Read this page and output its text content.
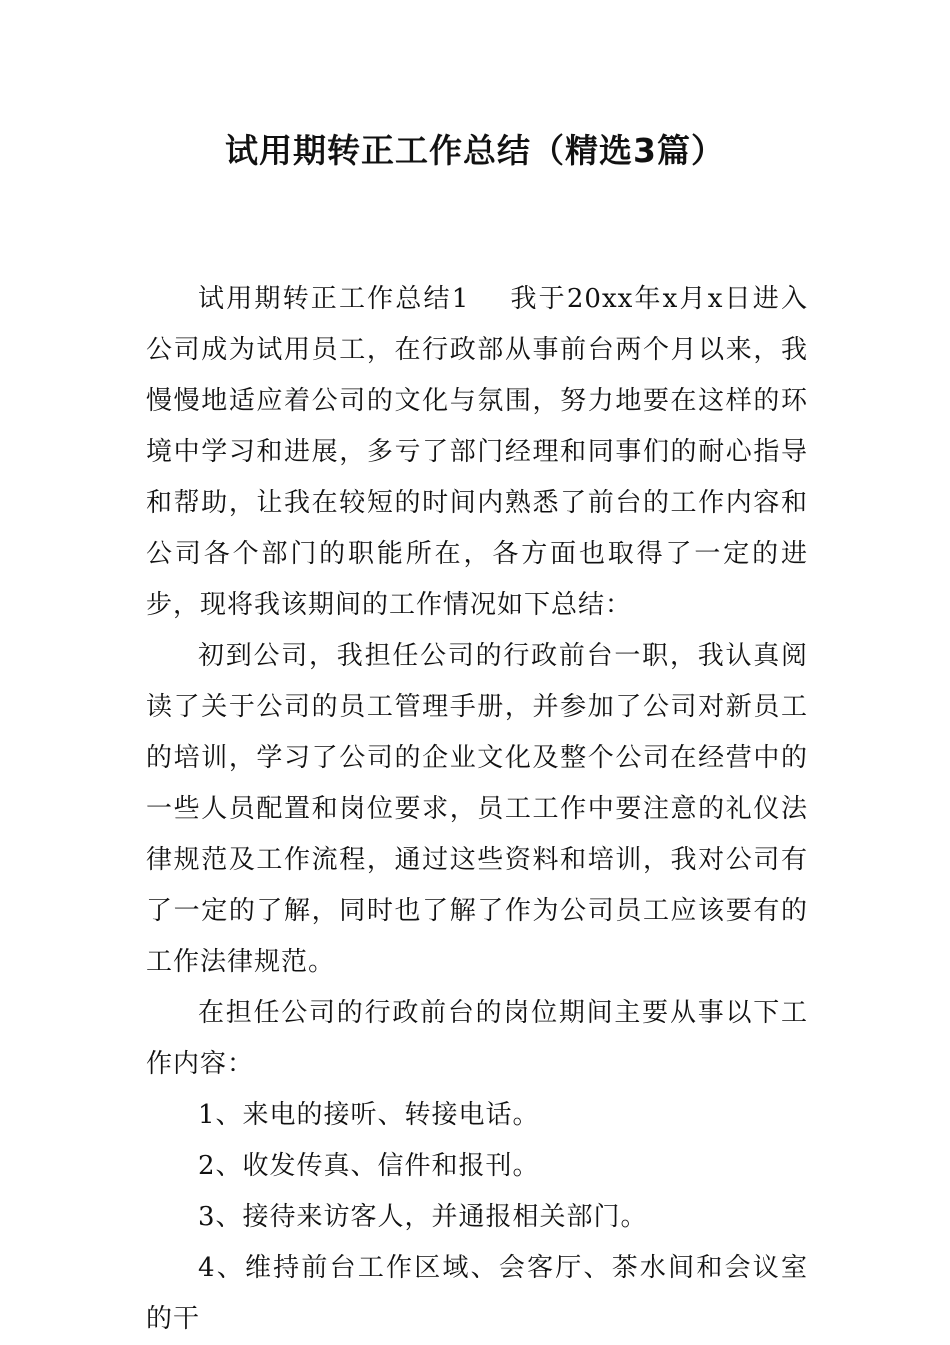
试用期转正工作总结（精选3篇）

试用期转正工作总结1 我于20xx年x月x日进入公司成为试用员工，在行政部从事前台两个月以来，我慢慢地适应着公司的文化与氛围，努力地要在这样的环境中学习和进展，多亏了部门经理和同事们的耐心指导和帮助，让我在较短的时间内熟悉了前台的工作内容和公司各个部门的职能所在，各方面也取得了一定的进步，现将我该期间的工作情况如下总结：

初到公司，我担任公司的行政前台一职，我认真阅读了关于公司的员工管理手册，并参加了公司对新员工的培训，学习了公司的企业文化及整个公司在经营中的一些人员配置和岗位要求，员工工作中要注意的礼仪法律规范及工作流程，通过这些资料和培训，我对公司有了一定的了解，同时也了解了作为公司员工应该要有的工作法律规范。

在担任公司的行政前台的岗位期间主要从事以下工作内容：

1、来电的接听、转接电话。

2、收发传真、信件和报刊。

3、接待来访客人，并通报相关部门。

4、维持前台工作区域、会客厅、茶水间和会议室的干
